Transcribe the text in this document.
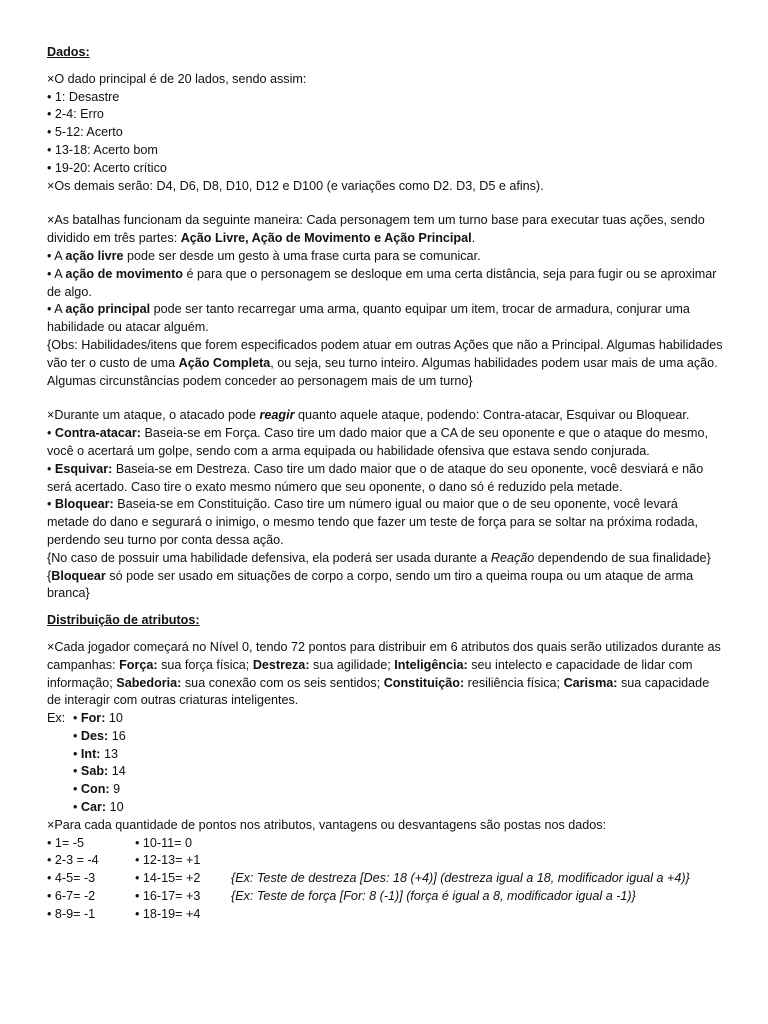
Dados:

×O dado principal é de 20 lados, sendo assim:

• 1: Desastre

• 2-4: Erro

• 5-12: Acerto

• 13-18: Acerto bom

• 19-20: Acerto crítico

×Os demais serão: D4, D6, D8, D10, D12 e D100 (e variações como D2. D3, D5 e afins).

×As batalhas funcionam da seguinte maneira: Cada personagem tem um turno base para executar tuas ações, sendo dividido em três partes: Ação Livre, Ação de Movimento e Ação Principal.

• A ação livre pode ser desde um gesto à uma frase curta para se comunicar.

• A ação de movimento é para que o personagem se desloque em uma certa distância, seja para fugir ou se aproximar de algo.

• A ação principal pode ser tanto recarregar uma arma, quanto equipar um item, trocar de armadura, conjurar uma habilidade ou atacar alguém.

{Obs: Habilidades/itens que forem especificados podem atuar em outras Ações que não a Principal. Algumas habilidades vão ter o custo de uma Ação Completa, ou seja, seu turno inteiro. Algumas habilidades podem usar mais de uma ação. Algumas circunstâncias podem conceder ao personagem mais de um turno}

×Durante um ataque, o atacado pode reagir quanto aquele ataque, podendo: Contra-atacar, Esquivar ou Bloquear.

• Contra-atacar: Baseia-se em Força. Caso tire um dado maior que a CA de seu oponente e que o ataque do mesmo, você o acertará um golpe, sendo com a arma equipada ou habilidade ofensiva que estava sendo conjurada.

• Esquivar: Baseia-se em Destreza. Caso tire um dado maior que o de ataque do seu oponente, você desviará e não será acertado. Caso tire o exato mesmo número que seu oponente, o dano só é reduzido pela metade.

• Bloquear: Baseia-se em Constituição. Caso tire um número igual ou maior que o de seu oponente, você levará metade do dano e segurará o inimigo, o mesmo tendo que fazer um teste de força para se soltar na próxima rodada, perdendo seu turno por conta dessa ação.

{No caso de possuir uma habilidade defensiva, ela poderá ser usada durante a Reação dependendo de sua finalidade}

{Bloquear só pode ser usado em situações de corpo a corpo, sendo um tiro a queima roupa ou um ataque de arma branca}

Distribuição de atributos:

×Cada jogador começará no Nível 0, tendo 72 pontos para distribuir em 6 atributos dos quais serão utilizados durante as campanhas: Força: sua força física; Destreza: sua agilidade; Inteligência: seu intelecto e capacidade de lidar com informação; Sabedoria: sua conexão com os seis sentidos; Constituição: resiliência física; Carisma: sua capacidade de interagir com outras criaturas inteligentes.

Ex: • For: 10
• Des: 16
• Int: 13
• Sab: 14
• Con: 9
• Car: 10

×Para cada quantidade de pontos nos atributos, vantagens ou desvantagens são postas nos dados:

• 1= -5	• 10-11= 0	
• 2-3 = -4	• 12-13= +1	
• 4-5= -3	• 14-15= +2	{Ex: Teste de destreza [Des: 18 (+4)] (destreza igual a 18, modificador igual a +4)}
• 6-7= -2	• 16-17= +3	{Ex: Teste de força [For: 8 (-1)] (força é igual a 8, modificador igual a -1)}
• 8-9= -1	• 18-19= +4	
